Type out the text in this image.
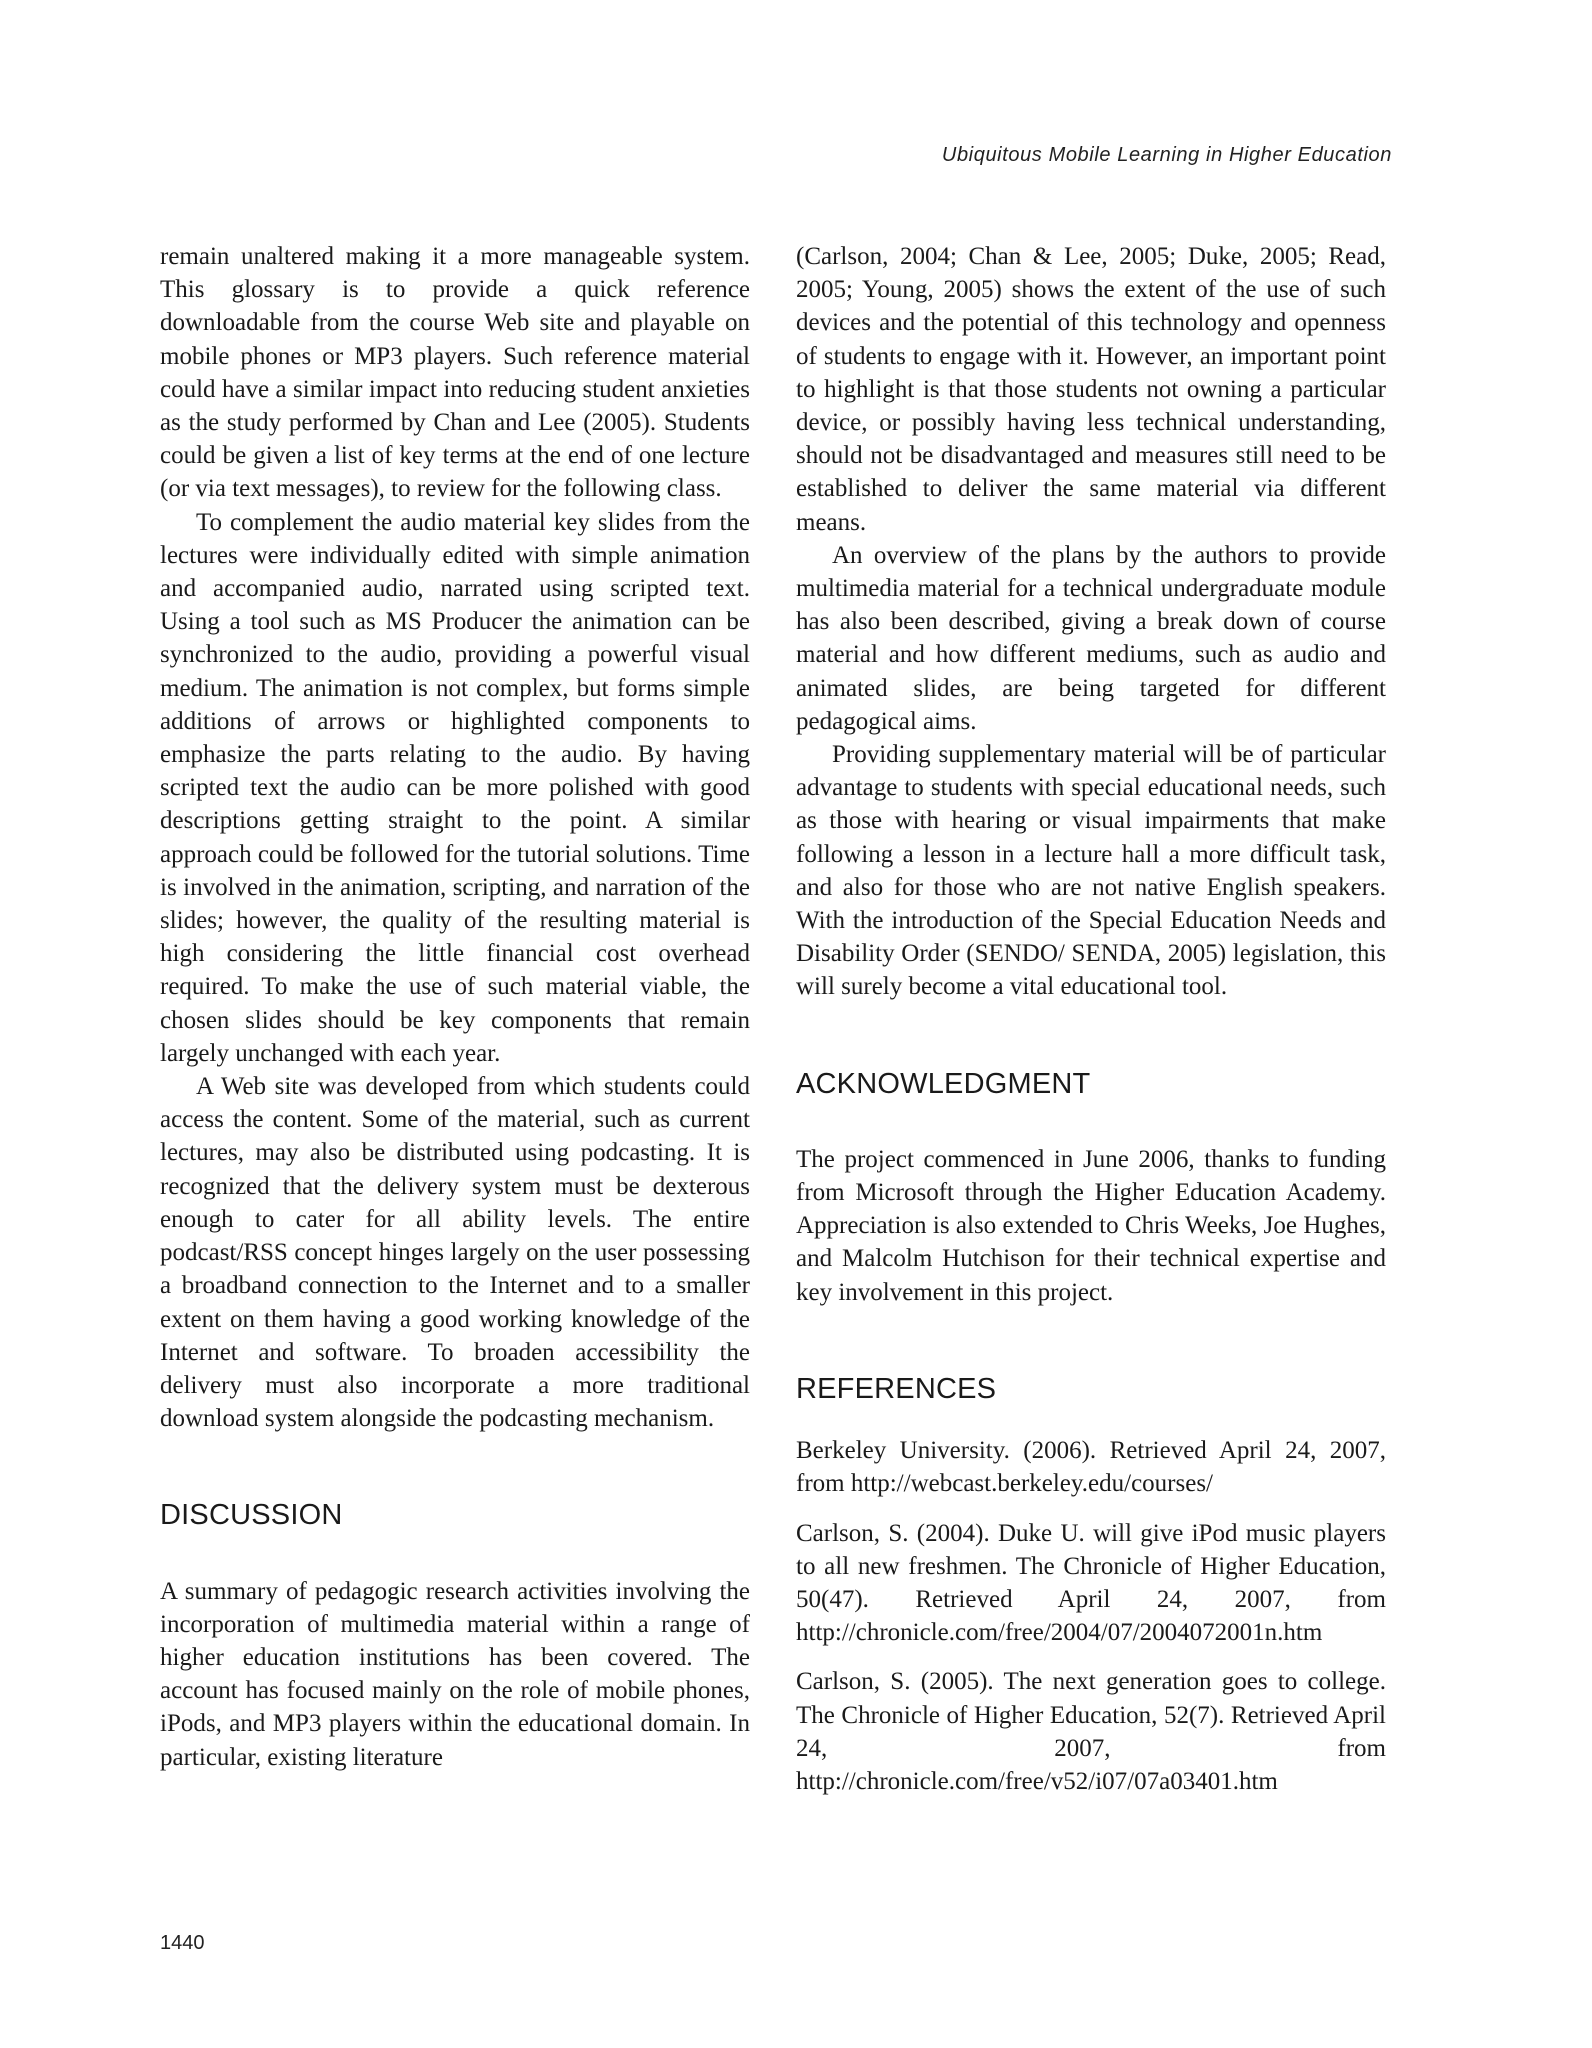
Ubiquitous Mobile Learning in Higher Education

remain unaltered making it a more manageable system. This glossary is to provide a quick reference downloadable from the course Web site and playable on mobile phones or MP3 players. Such reference material could have a similar impact into reducing student anxieties as the study performed by Chan and Lee (2005). Students could be given a list of key terms at the end of one lecture (or via text messages), to review for the following class.

To complement the audio material key slides from the lectures were individually edited with simple animation and accompanied audio, narrated using scripted text. Using a tool such as MS Producer the animation can be synchronized to the audio, providing a powerful visual medium. The animation is not complex, but forms simple additions of arrows or highlighted components to emphasize the parts relating to the audio. By having scripted text the audio can be more polished with good descriptions getting straight to the point. A similar approach could be followed for the tutorial solutions. Time is involved in the animation, scripting, and narration of the slides; however, the quality of the resulting material is high considering the little financial cost overhead required. To make the use of such material viable, the chosen slides should be key components that remain largely unchanged with each year.

A Web site was developed from which students could access the content. Some of the material, such as current lectures, may also be distributed using podcasting. It is recognized that the delivery system must be dexterous enough to cater for all ability levels. The entire podcast/RSS concept hinges largely on the user possessing a broadband connection to the Internet and to a smaller extent on them having a good working knowledge of the Internet and software. To broaden accessibility the delivery must also incorporate a more traditional download system alongside the podcasting mechanism.

DISCUSSION

A summary of pedagogic research activities involving the incorporation of multimedia material within a range of higher education institutions has been covered. The account has focused mainly on the role of mobile phones, iPods, and MP3 players within the educational domain. In particular, existing literature

(Carlson, 2004; Chan & Lee, 2005; Duke, 2005; Read, 2005; Young, 2005) shows the extent of the use of such devices and the potential of this technology and openness of students to engage with it. However, an important point to highlight is that those students not owning a particular device, or possibly having less technical understanding, should not be disadvantaged and measures still need to be established to deliver the same material via different means.

An overview of the plans by the authors to provide multimedia material for a technical undergraduate module has also been described, giving a break down of course material and how different mediums, such as audio and animated slides, are being targeted for different pedagogical aims.

Providing supplementary material will be of particular advantage to students with special educational needs, such as those with hearing or visual impairments that make following a lesson in a lecture hall a more difficult task, and also for those who are not native English speakers. With the introduction of the Special Education Needs and Disability Order (SENDO/ SENDA, 2005) legislation, this will surely become a vital educational tool.

ACKNOWLEDGMENT

The project commenced in June 2006, thanks to funding from Microsoft through the Higher Education Academy. Appreciation is also extended to Chris Weeks, Joe Hughes, and Malcolm Hutchison for their technical expertise and key involvement in this project.

REFERENCES

Berkeley University. (2006). Retrieved April 24, 2007, from http://webcast.berkeley.edu/courses/

Carlson, S. (2004). Duke U. will give iPod music players to all new freshmen. The Chronicle of Higher Education, 50(47). Retrieved April 24, 2007, from http://chronicle.com/free/2004/07/2004072001n.htm

Carlson, S. (2005). The next generation goes to college. The Chronicle of Higher Education, 52(7). Retrieved April 24, 2007, from http://chronicle.com/free/v52/i07/07a03401.htm

1440
